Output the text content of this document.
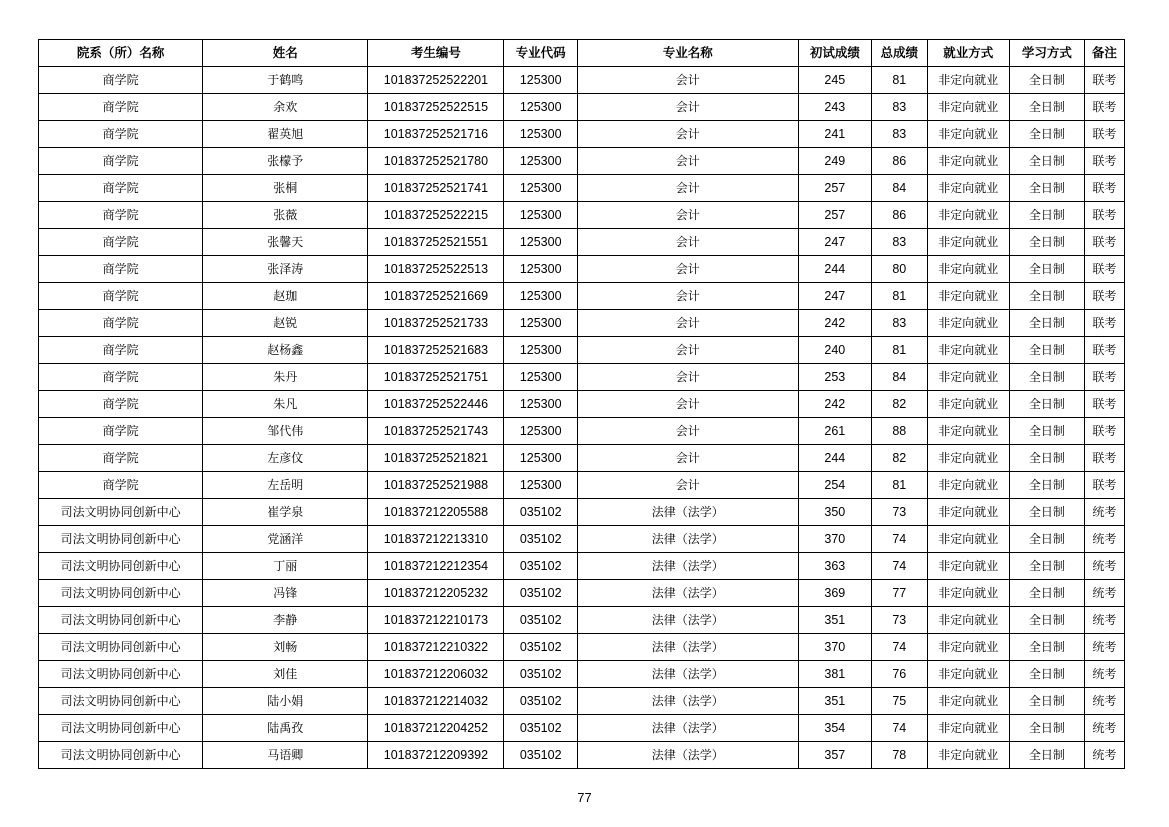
院系（所）名称	姓名	考生编号	专业代码	专业名称	初试成绩	总成绩	就业方式	学习方式	备注
商学院	于鹤鸣	101837252522201	125300	会计	245	81	非定向就业	全日制	联考
商学院	余欢	101837252522515	125300	会计	243	83	非定向就业	全日制	联考
商学院	翟英旭	101837252521716	125300	会计	241	83	非定向就业	全日制	联考
商学院	张檬予	101837252521780	125300	会计	249	86	非定向就业	全日制	联考
商学院	张桐	101837252521741	125300	会计	257	84	非定向就业	全日制	联考
商学院	张薇	101837252522215	125300	会计	257	86	非定向就业	全日制	联考
商学院	张馨天	101837252521551	125300	会计	247	83	非定向就业	全日制	联考
商学院	张泽涛	101837252522513	125300	会计	244	80	非定向就业	全日制	联考
商学院	赵珈	101837252521669	125300	会计	247	81	非定向就业	全日制	联考
商学院	赵锐	101837252521733	125300	会计	242	83	非定向就业	全日制	联考
商学院	赵杨鑫	101837252521683	125300	会计	240	81	非定向就业	全日制	联考
商学院	朱丹	101837252521751	125300	会计	253	84	非定向就业	全日制	联考
商学院	朱凡	101837252522446	125300	会计	242	82	非定向就业	全日制	联考
商学院	邹代伟	101837252521743	125300	会计	261	88	非定向就业	全日制	联考
商学院	左彦伩	101837252521821	125300	会计	244	82	非定向就业	全日制	联考
商学院	左岳明	101837252521988	125300	会计	254	81	非定向就业	全日制	联考
司法文明协同创新中心	崔学泉	101837212205588	035102	法律（法学）	350	73	非定向就业	全日制	统考
司法文明协同创新中心	党涵洋	101837212213310	035102	法律（法学）	370	74	非定向就业	全日制	统考
司法文明协同创新中心	丁丽	101837212212354	035102	法律（法学）	363	74	非定向就业	全日制	统考
司法文明协同创新中心	冯锋	101837212205232	035102	法律（法学）	369	77	非定向就业	全日制	统考
司法文明协同创新中心	李静	101837212210173	035102	法律（法学）	351	73	非定向就业	全日制	统考
司法文明协同创新中心	刘畅	101837212210322	035102	法律（法学）	370	74	非定向就业	全日制	统考
司法文明协同创新中心	刘佳	101837212206032	035102	法律（法学）	381	76	非定向就业	全日制	统考
司法文明协同创新中心	陆小娟	101837212214032	035102	法律（法学）	351	75	非定向就业	全日制	统考
司法文明协同创新中心	陆禹孜	101837212204252	035102	法律（法学）	354	74	非定向就业	全日制	统考
司法文明协同创新中心	马语卿	101837212209392	035102	法律（法学）	357	78	非定向就业	全日制	统考
77
